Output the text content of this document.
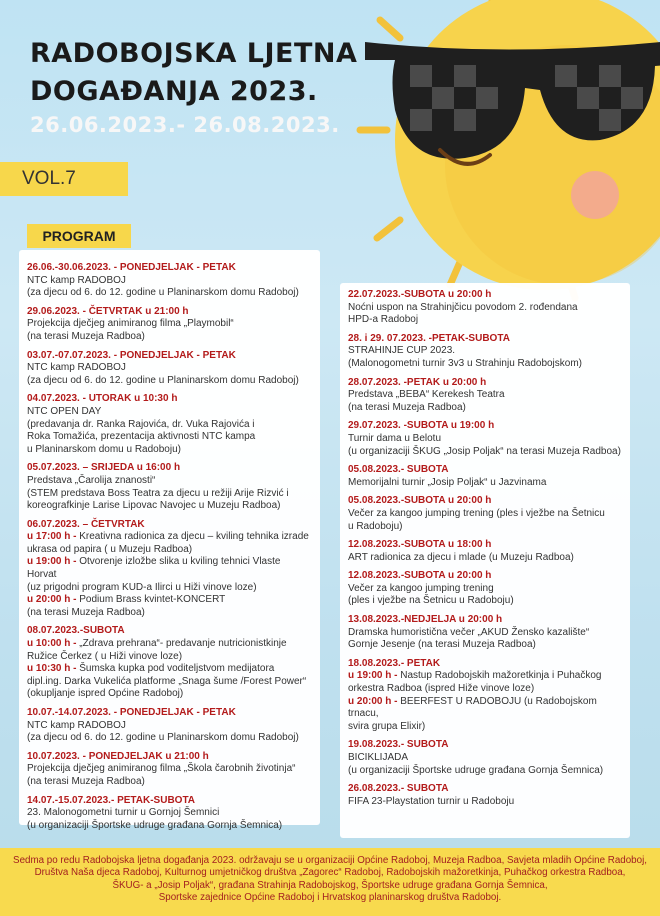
RADOBOJSKA LJETNA
DOGAĐANJA 2023.
26.06.2023.- 26.08.2023.
VOL.7
PROGRAM
26.06.-30.06.2023. - PONEDJELJAK - PETAK
NTC kamp RADOBOJ
(za djecu od 6. do 12. godine u Planinarskom domu Radoboj)
29.06.2023. - ČETVRTAK u 21:00 h
Projekcija dječjeg animiranog filma „Playmobil“
(na terasi Muzeja Radboa)
03.07.-07.07.2023. - PONEDJELJAK - PETAK
NTC kamp RADOBOJ
(za djecu od 6. do 12. godine u Planinarskom domu Radoboj)
04.07.2023. - UTORAK u 10:30 h
NTC OPEN DAY
(predavanja dr. Ranka Rajovića, dr. Vuka Rajovića i
Roka Tomažića, prezentacija aktivnosti NTC kampa
u Planinarskom domu u Radoboju)
05.07.2023. – SRIJEDA u 16:00 h
Predstava „Čarolija znanosti“
(STEM predstava Boss Teatra za djecu u režiji Arije Rizvić i
koreografkinje Larise Lipovac Navojec u Muzeju Radboa)
06.07.2023. – ČETVRTAK
u 17:00 h - Kreativna radionica za djecu – kviling tehnika izrade
ukrasa od papira ( u Muzeju Radboa)
u 19:00 h - Otvorenje izložbe slika u kviling tehnici Vlaste Horvat
(uz prigodni program KUD-a Ilirci u Hiži vinove loze)
u 20:00 h - Podium Brass kvintet-KONCERT
(na terasi Muzeja Radboa)
08.07.2023.-SUBOTA
u 10:00 h - „Zdrava prehrana“- predavanje nutricionistkinje
Ružice Čerkez ( u Hiži vinove loze)
u 10:30 h - Šumska kupka pod voditeljstvom medijatora
dipl.ing. Darka Vukelića platforme „Snaga šume /Forest Power“
(okupljanje ispred Općine Radoboj)
10.07.-14.07.2023. - PONEDJELJAK - PETAK
NTC kamp RADOBOJ
(za djecu od 6. do 12. godine u Planinarskom domu Radoboj)
10.07.2023. - PONEDJELJAK u 21:00 h
Projekcija dječjeg animiranog filma „Škola čarobnih životinja“
(na terasi Muzeja Radboa)
14.07.-15.07.2023.- PETAK-SUBOTA
23. Malonogometni turnir u Gornjoj Šemnici
(u organizaciji Športske udruge građana Gornja Šemnica)
22.07.2023.-SUBOTA u 20:00 h
Noćni uspon na Strahinjčicu povodom 2. rođendana
HPD-a Radoboj
28. i 29. 07.2023. -PETAK-SUBOTA
STRAHINJE CUP 2023.
(Malonogometni turnir 3v3 u Strahinju Radobojskom)
28.07.2023. -PETAK u 20:00 h
Predstava „BEBA“ Kerekesh Teatra
(na terasi Muzeja Radboa)
29.07.2023. -SUBOTA u 19:00 h
Turnir dama u Belotu
(u organizaciji ŠKUG „Josip Poljak“ na terasi Muzeja Radboa)
05.08.2023.- SUBOTA
Memorijalni turnir „Josip Poljak“ u Jazvinama
05.08.2023.-SUBOTA u 20:00 h
Večer za kangoo jumping trening (ples i vježbe na Šetnicu
u Radoboju)
12.08.2023.-SUBOTA u 18:00 h
ART radionica za djecu i mlade (u Muzeju Radboa)
12.08.2023.-SUBOTA u 20:00 h
Večer za kangoo jumping trening
(ples i vježbe na Šetnicu u Radoboju)
13.08.2023.-NEDJELJA u 20:00 h
Dramska humoristična večer „AKUD Žensko kazalište“
Gornje Jesenje (na terasi Muzeja Radboa)
18.08.2023.- PETAK
u 19:00 h - Nastup Radobojskih mažoretkinja i Puhačkog
orkestra Radboa (ispred Hiže vinove loze)
u 20:00 h - BEERFEST U RADOBOJU (u Radobojskom trnacu,
svira grupa Elixir)
19.08.2023.- SUBOTA
BICIKLIJADA
(u organizaciji Športske udruge građana Gornja Šemnica)
26.08.2023.- SUBOTA
FIFA 23-Playstation turnir u Radoboju
Sedma po redu Radobojska ljetna događanja 2023. održavaju se u organizaciji Općine Radoboj, Muzeja Radboa, Savjeta mladih Općine Radoboj,
Društva Naša djeca Radoboj, Kulturnog umjetničkog društva „Zagorec“ Radoboj, Radobojskih mažoretkinja, Puhačkog orkestra Radboa,
ŠKUG- a „Josip Poljak“, građana Strahinja Radobojskog, Športske udruge građana Gornja Šemnica,
Sportske zajednice Općine Radoboj i Hrvatskog planinarskog društva Radoboj.
